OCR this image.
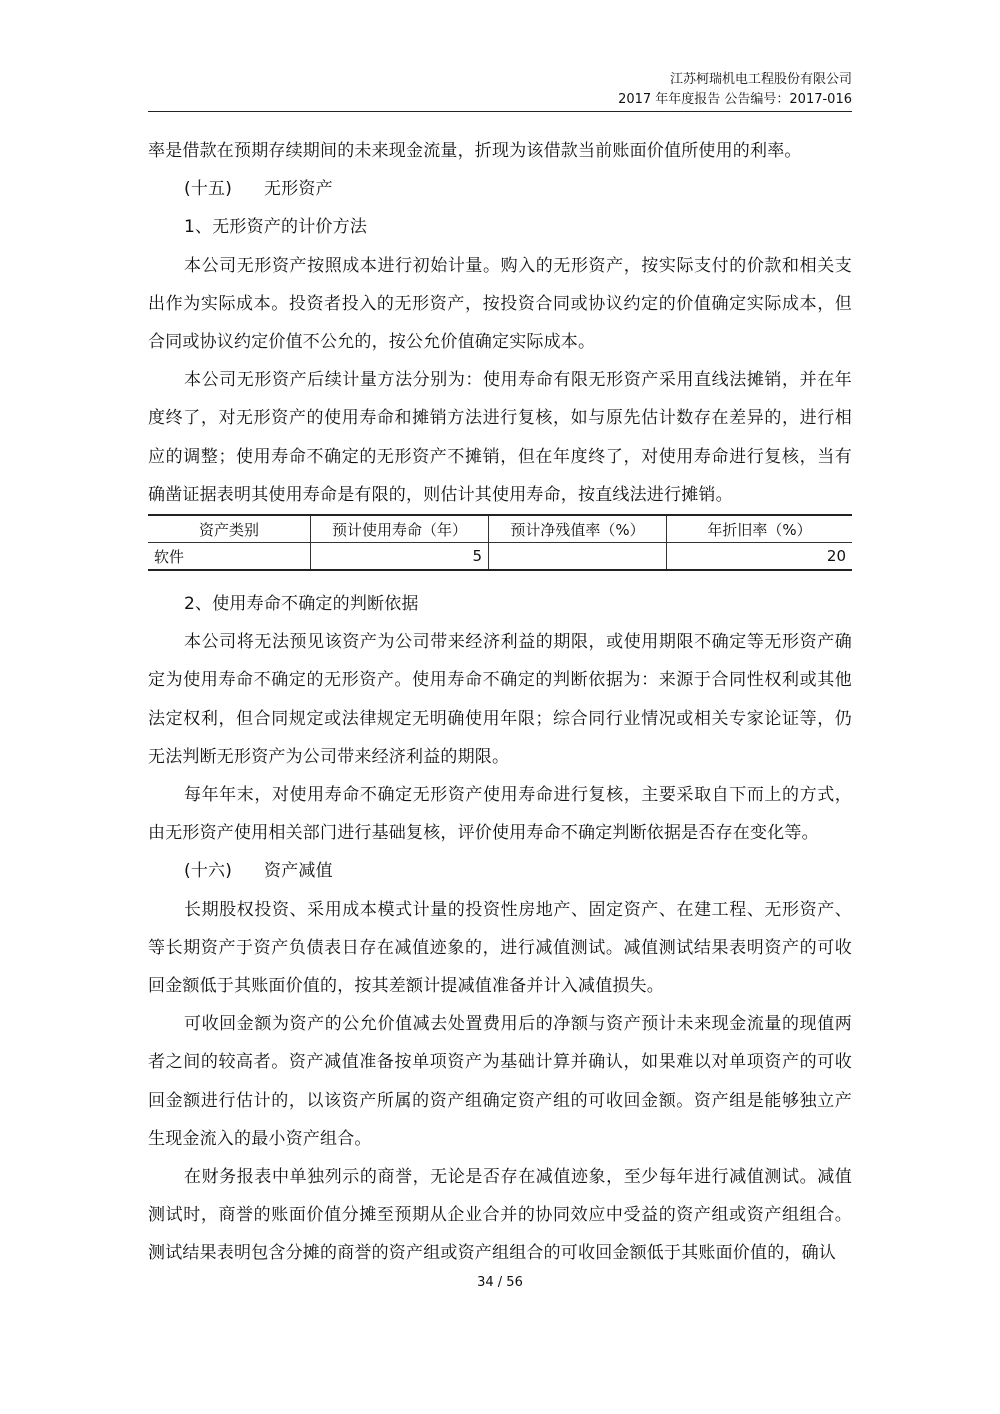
江苏柯瑞机电工程股份有限公司
2017 年年度报告 公告编号：2017-016

率是借款在预期存续期间的未来现金流量，折现为该借款当前账面价值所使用的利率。

(十五) 无形资产

1、无形资产的计价方法

本公司无形资产按照成本进行初始计量。购入的无形资产，按实际支付的价款和相关支出作为实际成本。投资者投入的无形资产，按投资合同或协议约定的价值确定实际成本，但合同或协议约定价值不公允的，按公允价值确定实际成本。

本公司无形资产后续计量方法分别为：使用寿命有限无形资产采用直线法摊销，并在年度终了，对无形资产的使用寿命和摊销方法进行复核，如与原先估计数存在差异的，进行相应的调整；使用寿命不确定的无形资产不摊销，但在年度终了，对使用寿命进行复核，当有确凿证据表明其使用寿命是有限的，则估计其使用寿命，按直线法进行摊销。

资产类别	预计使用寿命（年）	预计净残值率（%）	年折旧率（%）
软件	5		20

2、使用寿命不确定的判断依据

本公司将无法预见该资产为公司带来经济利益的期限，或使用期限不确定等无形资产确定为使用寿命不确定的无形资产。使用寿命不确定的判断依据为：来源于合同性权利或其他法定权利，但合同规定或法律规定无明确使用年限；综合同行业情况或相关专家论证等，仍无法判断无形资产为公司带来经济利益的期限。

每年年末，对使用寿命不确定无形资产使用寿命进行复核，主要采取自下而上的方式，由无形资产使用相关部门进行基础复核，评价使用寿命不确定判断依据是否存在变化等。

(十六) 资产减值

长期股权投资、采用成本模式计量的投资性房地产、固定资产、在建工程、无形资产、等长期资产于资产负债表日存在减值迹象的，进行减值测试。减值测试结果表明资产的可收回金额低于其账面价值的，按其差额计提减值准备并计入减值损失。

可收回金额为资产的公允价值减去处置费用后的净额与资产预计未来现金流量的现值两者之间的较高者。资产减值准备按单项资产为基础计算并确认，如果难以对单项资产的可收回金额进行估计的，以该资产所属的资产组确定资产组的可收回金额。资产组是能够独立产生现金流入的最小资产组合。

在财务报表中单独列示的商誉，无论是否存在减值迹象，至少每年进行减值测试。减值测试时，商誉的账面价值分摊至预期从企业合并的协同效应中受益的资产组或资产组组合。测试结果表明包含分摊的商誉的资产组或资产组组合的可收回金额低于其账面价值的，确认

34 / 56
